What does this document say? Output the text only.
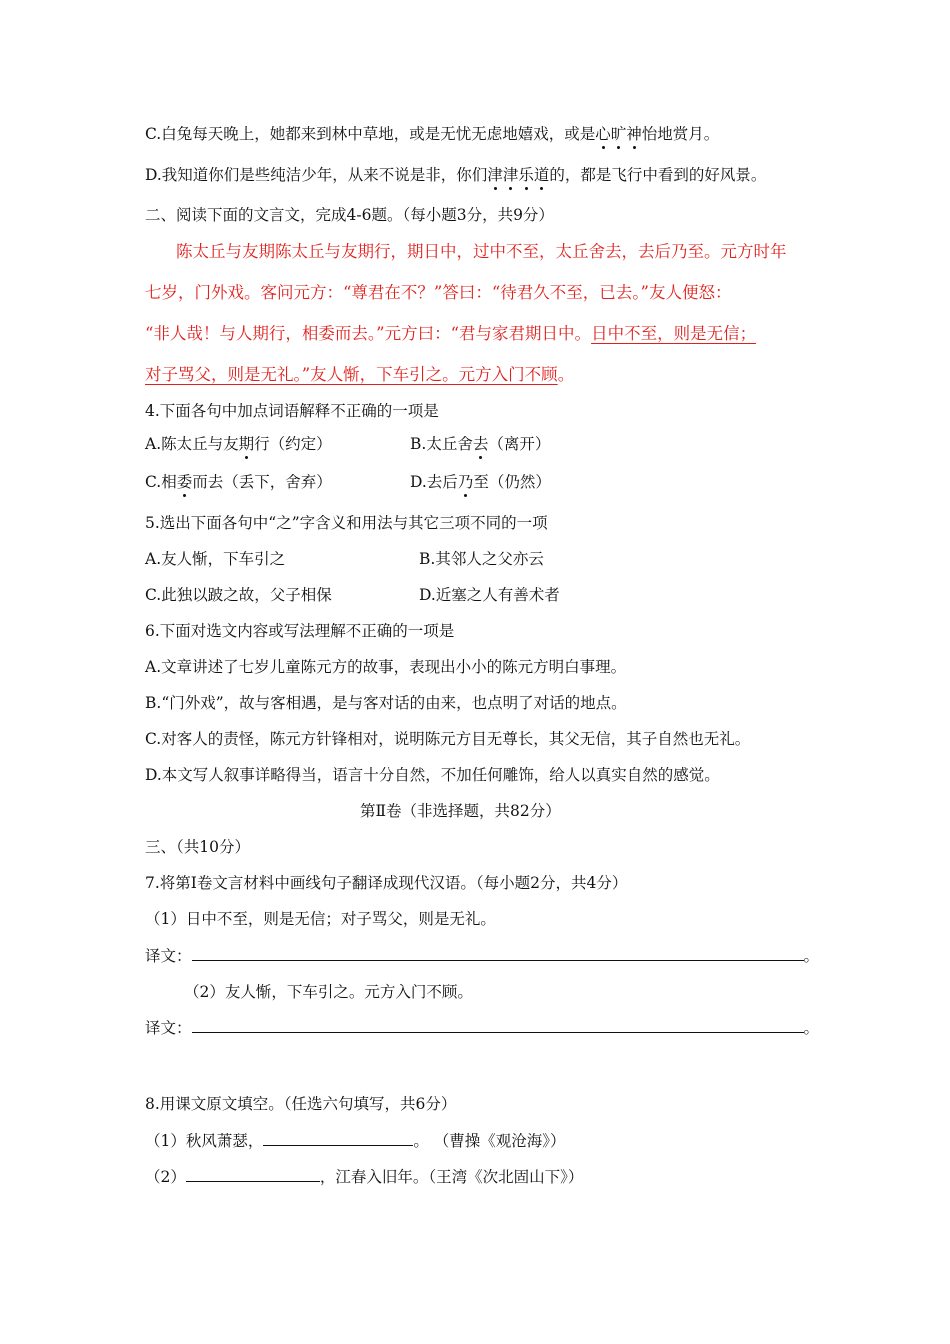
C.白兔每天晚上，她都来到林中草地，或是无忧无虑地嬉戏，或是心旷神怡地赏月。
D.我知道你们是些纯洁少年，从来不说是非，你们津津乐道的，都是飞行中看到的好风景。
二、阅读下面的文言文，完成4-6题。（每小题3分，共9分）
陈太丘与友期陈太丘与友期行，期日中，过中不至，太丘舍去，去后乃至。元方时年
七岁，门外戏。客问元方：“尊君在不？”答曰：“待君久不至，已去。”友人便怒：
“非人哉！与人期行，相委而去。”元方曰：“君与家君期日中。日中不至，则是无信；
对子骂父，则是无礼。”友人惭，下车引之。元方入门不顾。
4.下面各句中加点词语解释不正确的一项是
A.陈太丘与友期行（约定）	B.太丘舍去（离开）
C.相委而去（丢下，舍弃）	D.去后乃至（仍然）
5.选出下面各句中“之”字含义和用法与其它三项不同的一项
A.友人惭，下车引之	B.其邻人之父亦云
C.此独以跛之故，父子相保	D.近塞之人有善术者
6.下面对选文内容或写法理解不正确的一项是
A.文章讲述了七岁儿童陈元方的故事，表现出小小的陈元方明白事理。
B.“门外戏”，故与客相遇，是与客对话的由来，也点明了对话的地点。
C.对客人的责怪，陈元方针锋相对，说明陈元方目无尊长，其父无信，其子自然也无礼。
D.本文写人叙事详略得当，语言十分自然，不加任何雕饰，给人以真实自然的感觉。
第Ⅱ卷（非选择题，共82分）
三、（共10分）
7.将第Ⅰ卷文言材料中画线句子翻译成现代汉语。（每小题2分，共4分）
（1）日中不至，则是无信；对子骂父，则是无礼。
译文：	。
（2）友人惭，下车引之。元方入门不顾。
译文：	。
8.用课文原文填空。（任选六句填写，共6分）
（1）秋风萧瑟，	。 （曹操《观沧海》）
（2）	，江春入旧年。（王湾《次北固山下》）
